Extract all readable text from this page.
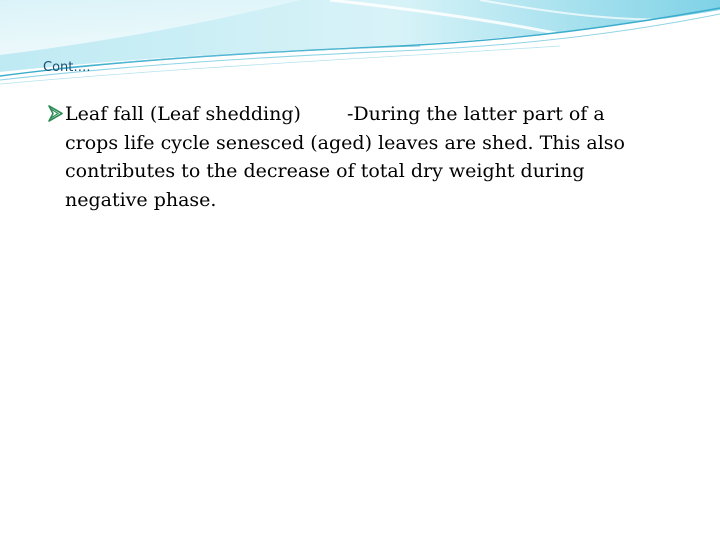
Cont….
Leaf fall (Leaf shedding) -During the latter part of a crops life cycle senesced (aged) leaves are shed. This also contributes to the decrease of total dry weight during negative phase.
